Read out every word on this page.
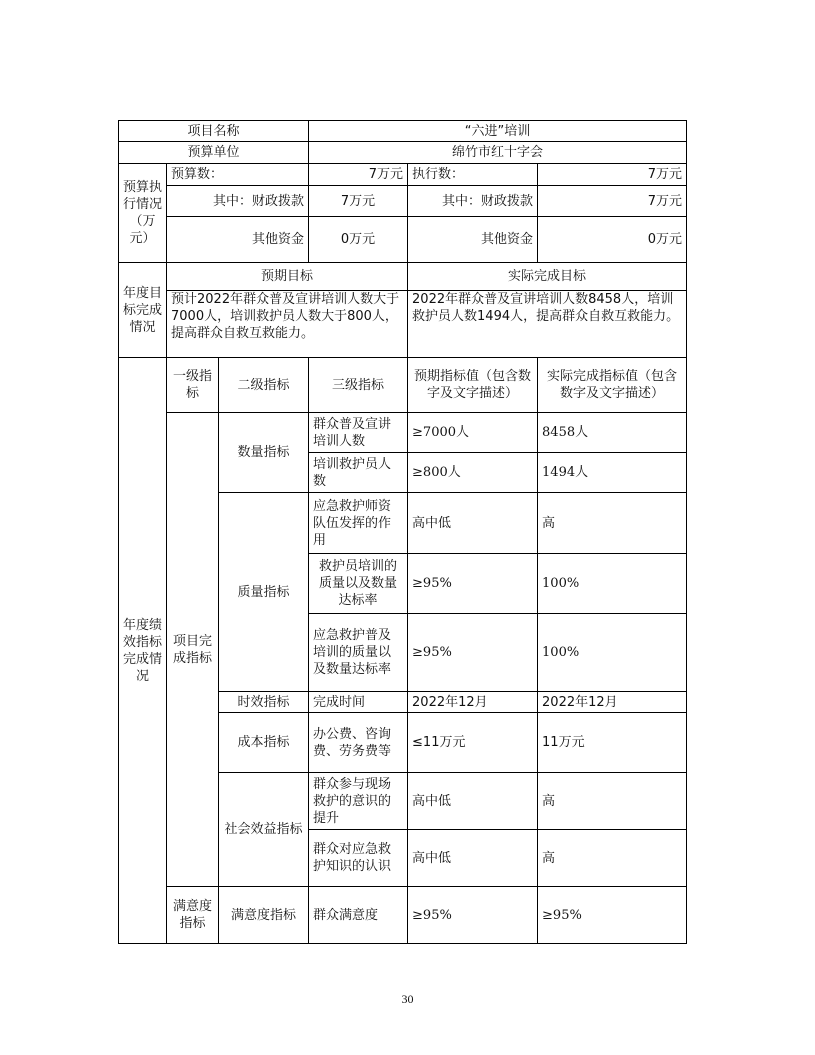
项目名称			“六进”培训		
预算单位			绵竹市红十字会		
预算执行情况（万元）	预算数：		7万元	执行数：	7万元
	其中：财政拨款		7万元	其中：财政拨款	7万元
	其他资金		0万元	其他资金	0万元
年度目标完成情况	预期目标			实际完成目标	
	预计2022年群众普及宣讲培训人数大于7000人，培训救护员人数大于800人，提高群众自救互救能力。			2022年群众普及宣讲培训人数8458人，培训救护员人数1494人，提高群众自救互救能力。	
年度绩效指标完成情况	一级指标	二级指标	三级指标	预期指标值（包含数字及文字描述）	实际完成指标值（包含数字及文字描述）
	项目完成指标	数量指标	群众普及宣讲培训人数	≥7000人	8458人
			培训救护员人数	≥800人	1494人
		质量指标	应急救护师资队伍发挥的作用	高中低	高
			救护员培训的质量以及数量达标率	≥95%	100%
			应急救护普及培训的质量以及数量达标率	≥95%	100%
		时效指标	完成时间	2022年12月	2022年12月
		成本指标	办公费、咨询费、劳务费等	≤11万元	11万元
		社会效益指标	群众参与现场救护的意识的提升	高中低	高
			群众对应急救护知识的认识	高中低	高
	满意度指标	满意度指标	群众满意度	≥95%	≥95%
30
